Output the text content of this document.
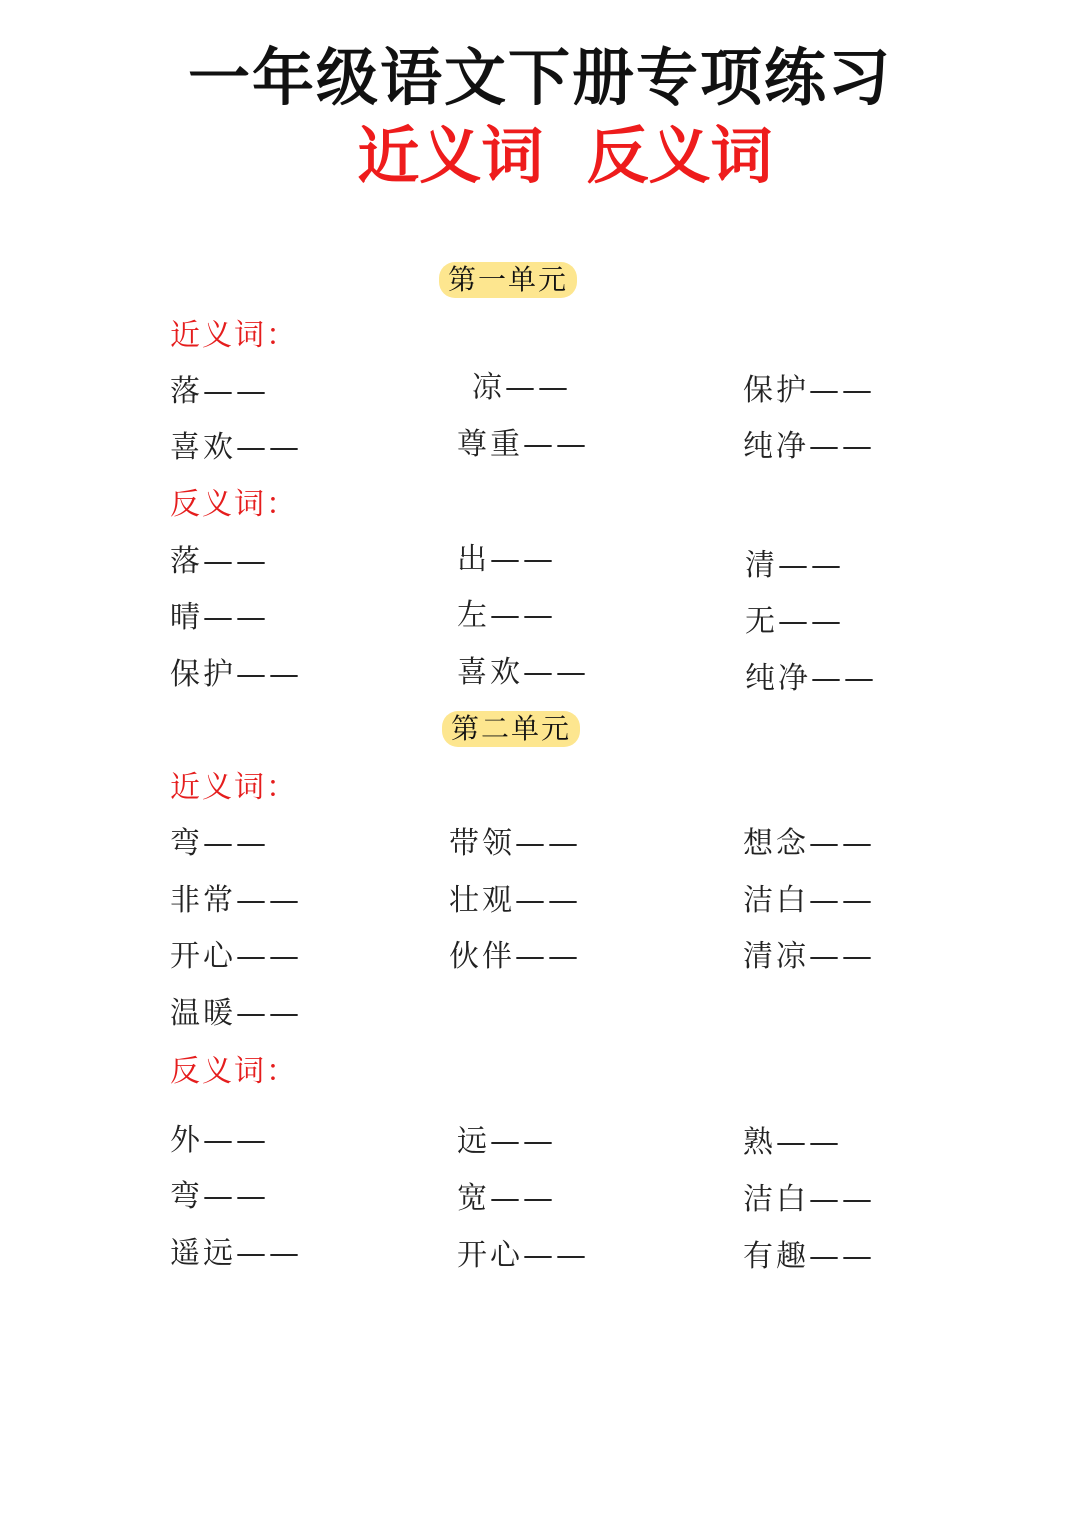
一年级语文下册专项练习
近义词  反义词
第一单元
近义词：
落——	凉——	保护——
喜欢——	尊重——	纯净——
反义词：
落——	出——	清——
晴——	左——	无——
保护——	喜欢——	纯净——
第二单元
近义词：
弯——	带领——	想念——
非常——	壮观——	洁白——
开心——	伙伴——	清凉——
温暖——
反义词：
外——	远——	熟——
弯——	宽——	洁白——
遥远——	开心——	有趣——
